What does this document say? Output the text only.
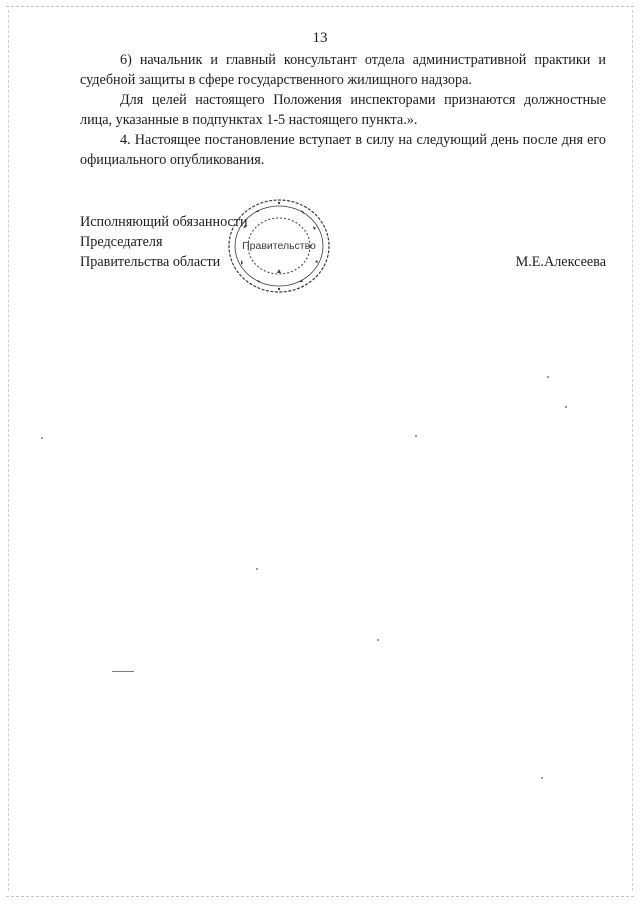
13

6) начальник и главный консультант отдела административной практики и судебной защиты в сфере государственного жилищного надзора.

Для целей настоящего Положения инспекторами признаются должностные лица, указанные в подпунктах 1-5 настоящего пункта.».

4. Настоящее постановление вступает в силу на следующий день после дня его официального опубликования.

Исполняющий обязанности

Председателя

Правительства области	М.Е.Алексеева

Правительство
